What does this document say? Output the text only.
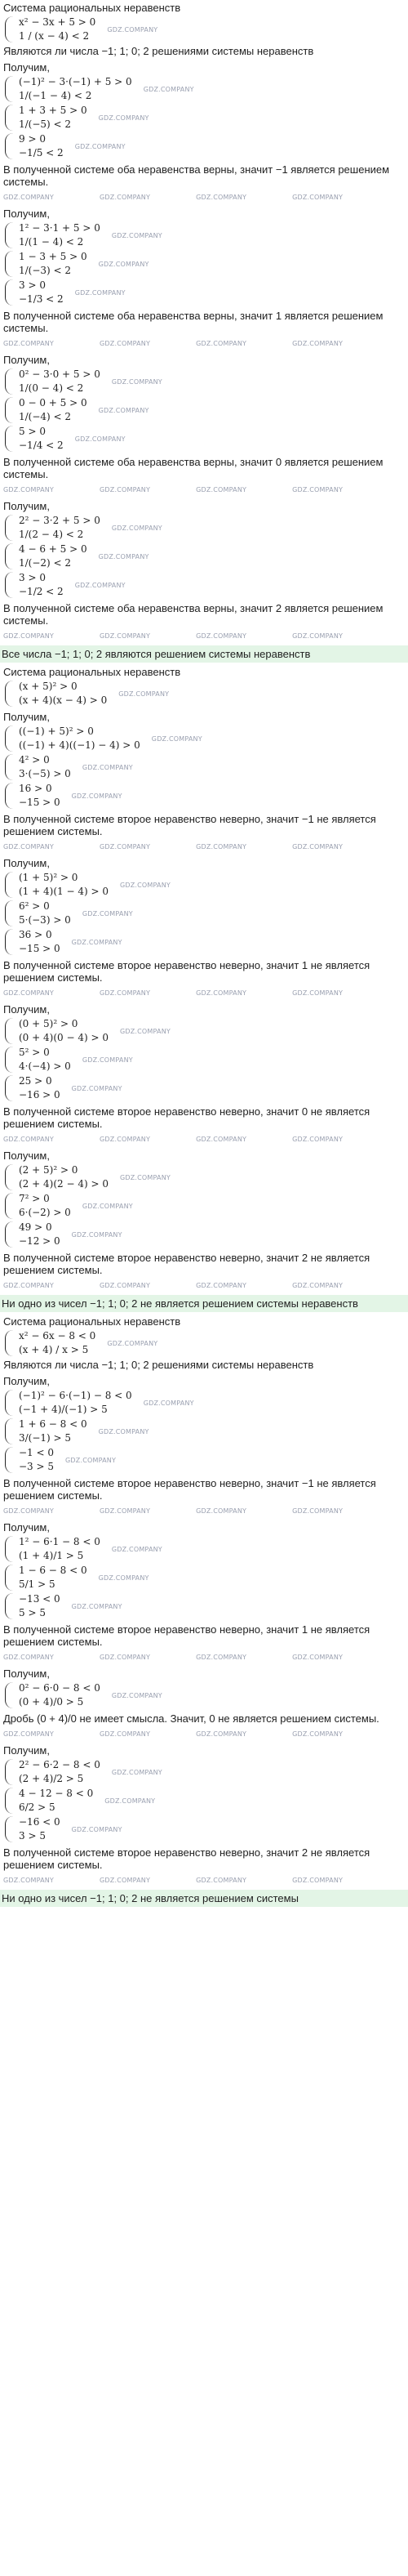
Система рациональных неравенств
x² − 3x + 5 > 0
1 / (x − 4) < 2
GDZ.COMPANY
Являются ли числа −1; 1; 0; 2 решениями системы неравенств
Получим,
(−1)² − 3·(−1) + 5 > 0
1/(−1 − 4) < 2
GDZ.COMPANY
1 + 3 + 5 > 0
1/(−5) < 2
GDZ.COMPANY
9 > 0
−1/5 < 2
GDZ.COMPANY
В полученной системе оба неравенства верны, значит −1 является решением системы.
GDZ.COMPANY	GDZ.COMPANY	GDZ.COMPANY	GDZ.COMPANY
Получим,
1² − 3·1 + 5 > 0
1/(1 − 4) < 2
GDZ.COMPANY
1 − 3 + 5 > 0
1/(−3) < 2
GDZ.COMPANY
3 > 0
−1/3 < 2
GDZ.COMPANY
В полученной системе оба неравенства верны, значит 1 является решением системы.
GDZ.COMPANY	GDZ.COMPANY	GDZ.COMPANY	GDZ.COMPANY
Получим,
0² − 3·0 + 5 > 0
1/(0 − 4) < 2
GDZ.COMPANY
0 − 0 + 5 > 0
1/(−4) < 2
GDZ.COMPANY
5 > 0
−1/4 < 2
GDZ.COMPANY
В полученной системе оба неравенства верны, значит 0 является решением системы.
GDZ.COMPANY	GDZ.COMPANY	GDZ.COMPANY	GDZ.COMPANY
Получим,
2² − 3·2 + 5 > 0
1/(2 − 4) < 2
GDZ.COMPANY
4 − 6 + 5 > 0
1/(−2) < 2
GDZ.COMPANY
3 > 0
−1/2 < 2
GDZ.COMPANY
В полученной системе оба неравенства верны, значит 2 является решением системы.
GDZ.COMPANY	GDZ.COMPANY	GDZ.COMPANY	GDZ.COMPANY
Все числа −1; 1; 0; 2 являются решением системы неравенств
Система рациональных неравенств
(x + 5)² > 0
(x + 4)(x − 4) > 0
GDZ.COMPANY
Получим,
((−1) + 5)² > 0
((−1) + 4)((−1) − 4) > 0
GDZ.COMPANY
4² > 0
3·(−5) > 0
GDZ.COMPANY
16 > 0
−15 > 0
GDZ.COMPANY
В полученной системе второе неравенство неверно, значит −1 не является решением системы.
GDZ.COMPANY	GDZ.COMPANY	GDZ.COMPANY	GDZ.COMPANY
Получим,
(1 + 5)² > 0
(1 + 4)(1 − 4) > 0
GDZ.COMPANY
6² > 0
5·(−3) > 0
GDZ.COMPANY
36 > 0
−15 > 0
GDZ.COMPANY
В полученной системе второе неравенство неверно, значит 1 не является решением системы.
GDZ.COMPANY	GDZ.COMPANY	GDZ.COMPANY	GDZ.COMPANY
Получим,
(0 + 5)² > 0
(0 + 4)(0 − 4) > 0
GDZ.COMPANY
5² > 0
4·(−4) > 0
GDZ.COMPANY
25 > 0
−16 > 0
GDZ.COMPANY
В полученной системе второе неравенство неверно, значит 0 не является решением системы.
GDZ.COMPANY	GDZ.COMPANY	GDZ.COMPANY	GDZ.COMPANY
Получим,
(2 + 5)² > 0
(2 + 4)(2 − 4) > 0
GDZ.COMPANY
7² > 0
6·(−2) > 0
GDZ.COMPANY
49 > 0
−12 > 0
GDZ.COMPANY
В полученной системе второе неравенство неверно, значит 2 не является решением системы.
GDZ.COMPANY	GDZ.COMPANY	GDZ.COMPANY	GDZ.COMPANY
Ни одно из чисел −1; 1; 0; 2 не является решением системы неравенств
Система рациональных неравенств
x² − 6x − 8 < 0
(x + 4) / x > 5
GDZ.COMPANY
Являются ли числа −1; 1; 0; 2 решениями системы неравенств
Получим,
(−1)² − 6·(−1) − 8 < 0
(−1 + 4)/(−1) > 5
GDZ.COMPANY
1 + 6 − 8 < 0
3/(−1) > 5
GDZ.COMPANY
−1 < 0
−3 > 5
GDZ.COMPANY
В полученной системе второе неравенство неверно, значит −1 не является решением системы.
GDZ.COMPANY	GDZ.COMPANY	GDZ.COMPANY	GDZ.COMPANY
Получим,
1² − 6·1 − 8 < 0
(1 + 4)/1 > 5
GDZ.COMPANY
1 − 6 − 8 < 0
5/1 > 5
GDZ.COMPANY
−13 < 0
5 > 5
GDZ.COMPANY
В полученной системе второе неравенство неверно, значит 1 не является решением системы.
GDZ.COMPANY	GDZ.COMPANY	GDZ.COMPANY	GDZ.COMPANY
Получим,
0² − 6·0 − 8 < 0
(0 + 4)/0 > 5
GDZ.COMPANY
Дробь (0 + 4)/0 не имеет смысла. Значит, 0 не является решением системы.
GDZ.COMPANY	GDZ.COMPANY	GDZ.COMPANY	GDZ.COMPANY
Получим,
2² − 6·2 − 8 < 0
(2 + 4)/2 > 5
GDZ.COMPANY
4 − 12 − 8 < 0
6/2 > 5
GDZ.COMPANY
−16 < 0
3 > 5
GDZ.COMPANY
В полученной системе второе неравенство неверно, значит 2 не является решением системы.
GDZ.COMPANY	GDZ.COMPANY	GDZ.COMPANY	GDZ.COMPANY
Ни одно из чисел −1; 1; 0; 2 не является решением системы
